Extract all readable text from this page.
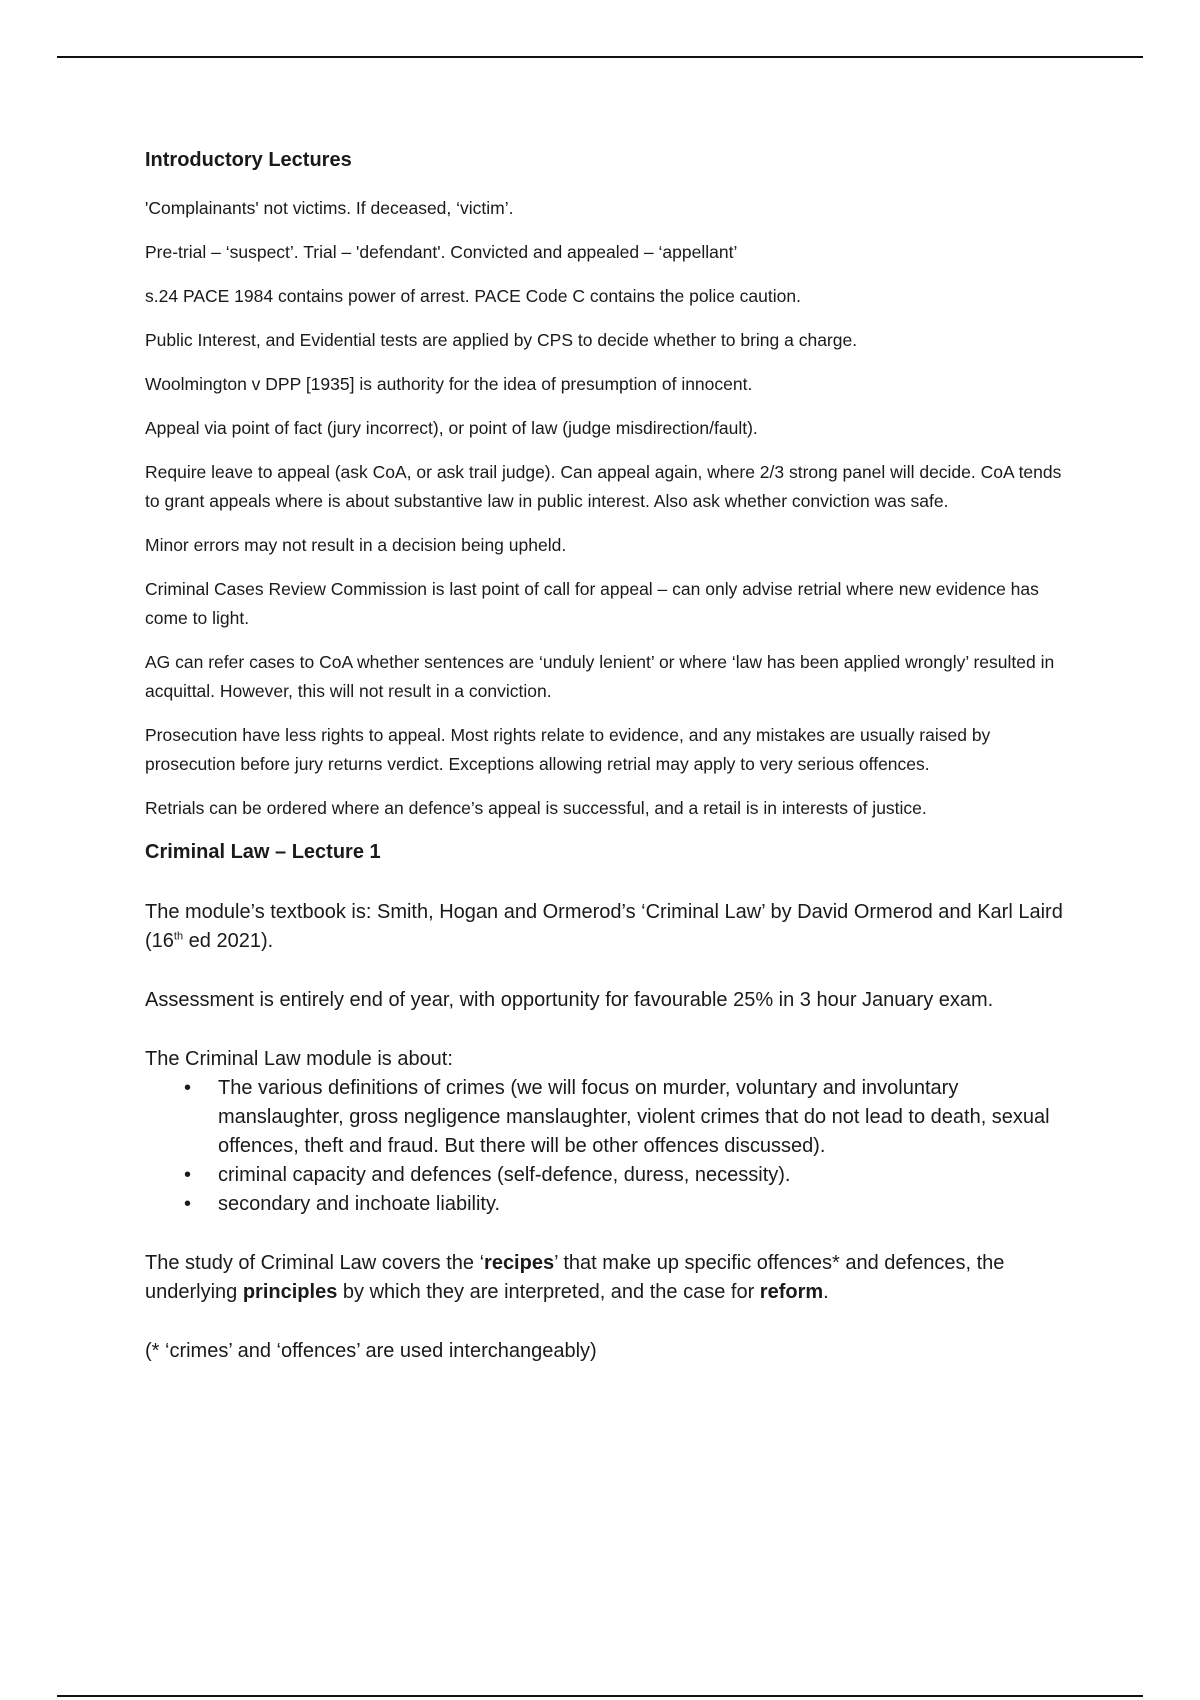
Introductory Lectures

'Complainants' not victims. If deceased, ‘victim’.

Pre-trial – ‘suspect’. Trial – 'defendant'. Convicted and appealed – ‘appellant’

s.24 PACE 1984 contains power of arrest. PACE Code C contains the police caution.

Public Interest, and Evidential tests are applied by CPS to decide whether to bring a charge.

Woolmington v DPP [1935] is authority for the idea of presumption of innocent.

Appeal via point of fact (jury incorrect), or point of law (judge misdirection/fault).

Require leave to appeal (ask CoA, or ask trail judge). Can appeal again, where 2/3 strong panel will decide. CoA tends to grant appeals where is about substantive law in public interest. Also ask whether conviction was safe.

Minor errors may not result in a decision being upheld.

Criminal Cases Review Commission is last point of call for appeal – can only advise retrial where new evidence has come to light.

AG can refer cases to CoA whether sentences are ‘unduly lenient’ or where ‘law has been applied wrongly’ resulted in acquittal. However, this will not result in a conviction.

Prosecution have less rights to appeal. Most rights relate to evidence, and any mistakes are usually raised by prosecution before jury returns verdict. Exceptions allowing retrial may apply to very serious offences.

Retrials can be ordered where an defence’s appeal is successful, and a retail is in interests of justice.

Criminal Law – Lecture 1

The module’s textbook is: Smith, Hogan and Ormerod’s ‘Criminal Law’ by David Ormerod and Karl Laird (16th ed 2021).

Assessment is entirely end of year, with opportunity for favourable 25% in 3 hour January exam.

The Criminal Law module is about:

• The various definitions of crimes (we will focus on murder, voluntary and involuntary manslaughter, gross negligence manslaughter, violent crimes that do not lead to death, sexual offences, theft and fraud. But there will be other offences discussed).
• criminal capacity and defences (self-defence, duress, necessity).
• secondary and inchoate liability.

The study of Criminal Law covers the ‘recipes’ that make up specific offences* and defences, the underlying principles by which they are interpreted, and the case for reform.

(* ‘crimes’ and ‘offences’ are used interchangeably)
